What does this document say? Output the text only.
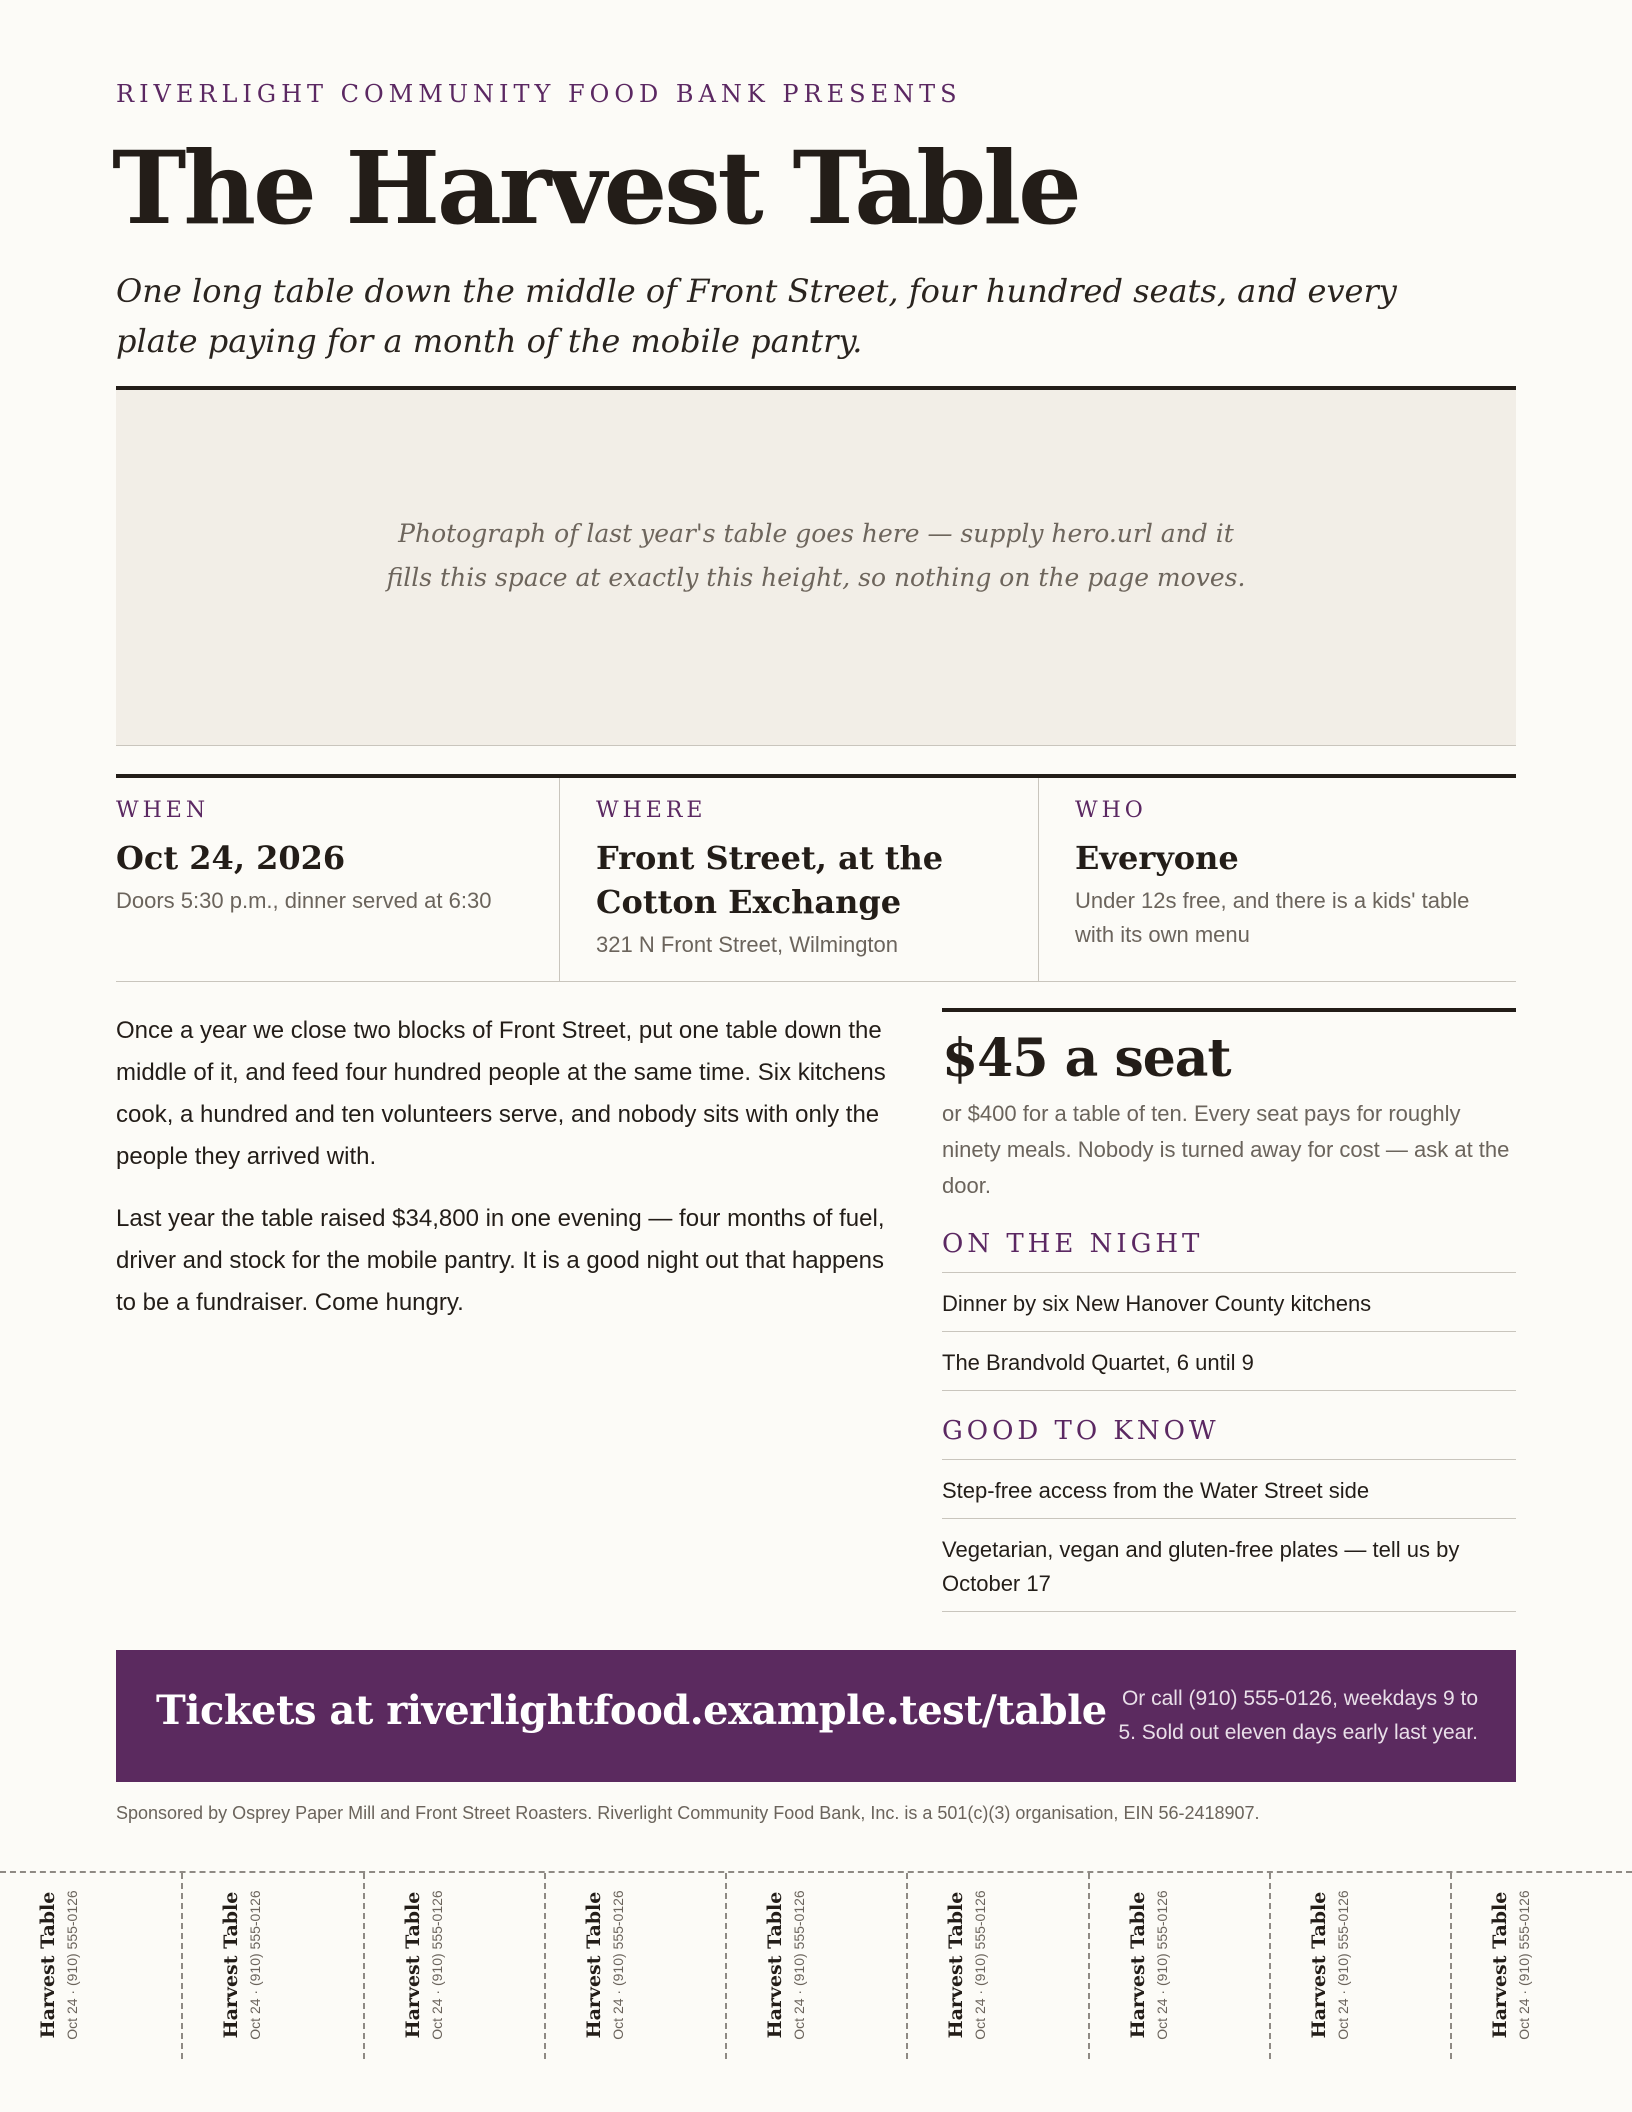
RIVERLIGHT COMMUNITY FOOD BANK PRESENTS
The Harvest Table

One long table down the middle of Front Street, four hundred seats, and every plate paying for a month of the mobile pantry.

Photograph of last year's table goes here — supply hero.url and it fills this space at exactly this height, so nothing on the page moves.
WHEN
Oct 24, 2026
Doors 5:30 p.m., dinner served at 6:30
WHERE
Front Street, at the Cotton Exchange
321 N Front Street, Wilmington
WHO
Everyone
Under 12s free, and there is a kids' table with its own menu

Once a year we close two blocks of Front Street, put one table down the middle of it, and feed four hundred people at the same time. Six kitchens cook, a hundred and ten volunteers serve, and nobody sits with only the people they arrived with.

Last year the table raised $34,800 in one evening — four months of fuel, driver and stock for the mobile pantry. It is a good night out that happens to be a fundraiser. Come hungry.

$45 a seat
or $400 for a table of ten. Every seat pays for roughly ninety meals. Nobody is turned away for cost — ask at the door.
ON THE NIGHT
Dinner by six New Hanover County kitchens
The Brandvold Quartet, 6 until 9
GOOD TO KNOW
Step-free access from the Water Street side
Vegetarian, vegan and gluten-free plates — tell us by October 17
Tickets at riverlightfood.example.test/table Or call (910) 555-0126, weekdays 9 to 5. Sold out eleven days early last year.
Sponsored by Osprey Paper Mill and Front Street Roasters. Riverlight Community Food Bank, Inc. is a 501(c)(3) organisation, EIN 56-2418907.
Harvest Table Oct 24 · (910) 555-0126	Harvest Table Oct 24 · (910) 555-0126	Harvest Table Oct 24 · (910) 555-0126	Harvest Table Oct 24 · (910) 555-0126	Harvest Table Oct 24 · (910) 555-0126	Harvest Table Oct 24 · (910) 555-0126	Harvest Table Oct 24 · (910) 555-0126	Harvest Table Oct 24 · (910) 555-0126	Harvest Table Oct 24 · (910) 555-0126
